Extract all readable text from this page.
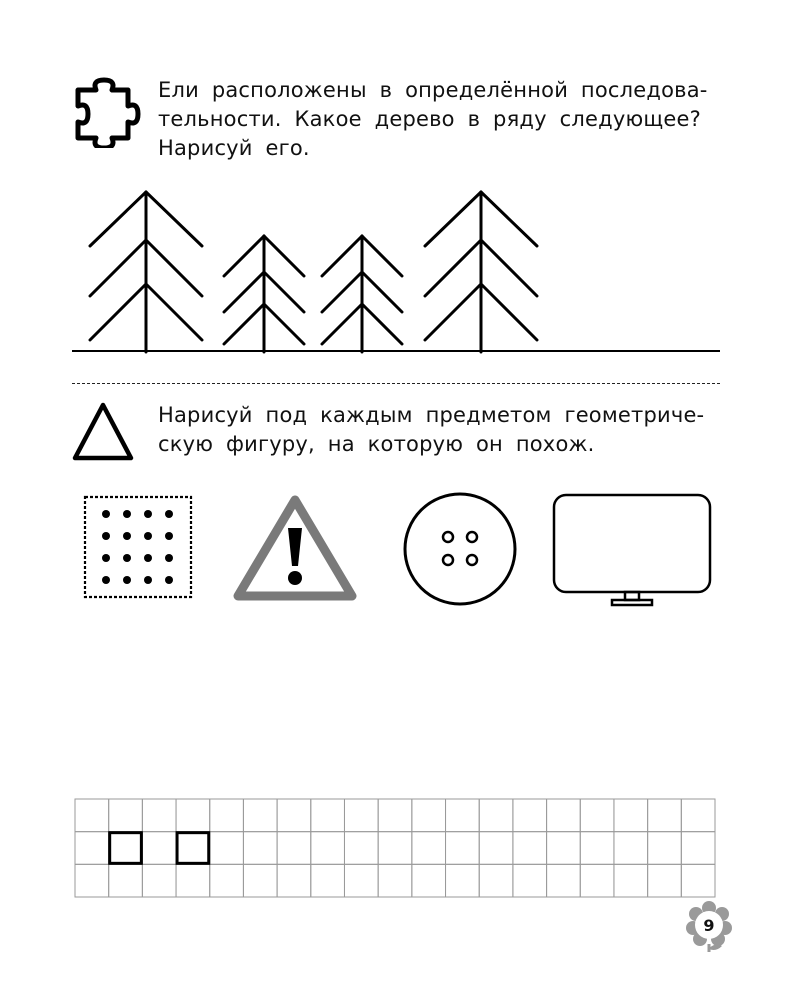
Ели расположены в определённой последова-
тельности. Какое дерево в ряду следующее?
Нарисуй его.
Нарисуй под каждым предметом геометриче-
скую фигуру, на которую он похож.
9
